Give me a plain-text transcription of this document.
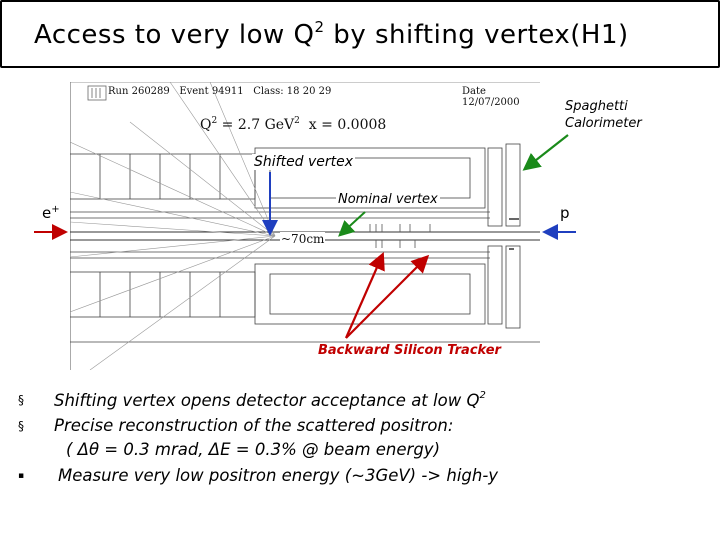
Access to very low $Q^2$ by shifting vertex(H1)
Run 260289 Event 94911 Class: 18 20 29	Date 12/07/2000
$Q^2 = 2.7$ GeV$^2$ x = 0.0008
~70cm
Spaghetti
Calorimeter
Shifted vertex
Nominal vertex
e+	p
Backward Silicon Tracker
§	Shifting vertex opens detector acceptance at low $Q^2$
§	Precise reconstruction of the scattered positron:
( Δθ = 0.3 mrad, ΔE = 0.3% @ beam energy)
▪	Measure very low positron energy (~3GeV) -> high-y
